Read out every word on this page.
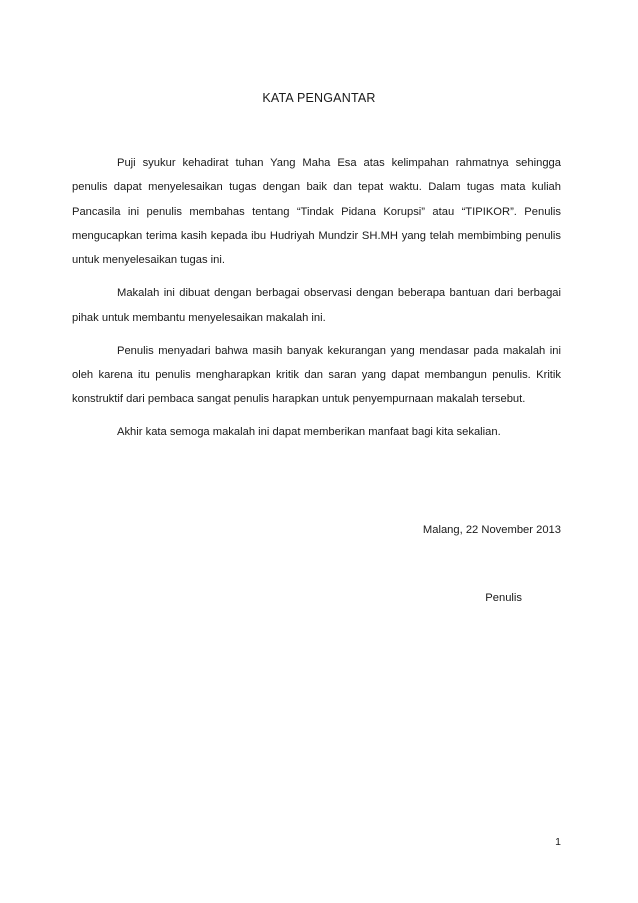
KATA PENGANTAR

Puji syukur kehadirat tuhan Yang Maha Esa atas kelimpahan rahmatnya sehingga penulis dapat menyelesaikan tugas dengan baik dan tepat waktu. Dalam tugas mata kuliah Pancasila ini penulis membahas tentang “Tindak Pidana Korupsi” atau “TIPIKOR”. Penulis mengucapkan terima kasih kepada ibu Hudriyah Mundzir SH.MH yang telah membimbing penulis untuk menyelesaikan tugas ini.

Makalah ini dibuat dengan berbagai observasi dengan beberapa bantuan dari berbagai pihak untuk membantu menyelesaikan makalah ini.

Penulis menyadari bahwa masih banyak kekurangan yang mendasar pada makalah ini oleh karena itu penulis mengharapkan kritik dan saran yang dapat membangun penulis. Kritik konstruktif dari pembaca sangat penulis harapkan untuk penyempurnaan makalah tersebut.

Akhir kata semoga makalah ini dapat memberikan manfaat bagi kita sekalian.

Malang, 22 November 2013
Penulis
1
